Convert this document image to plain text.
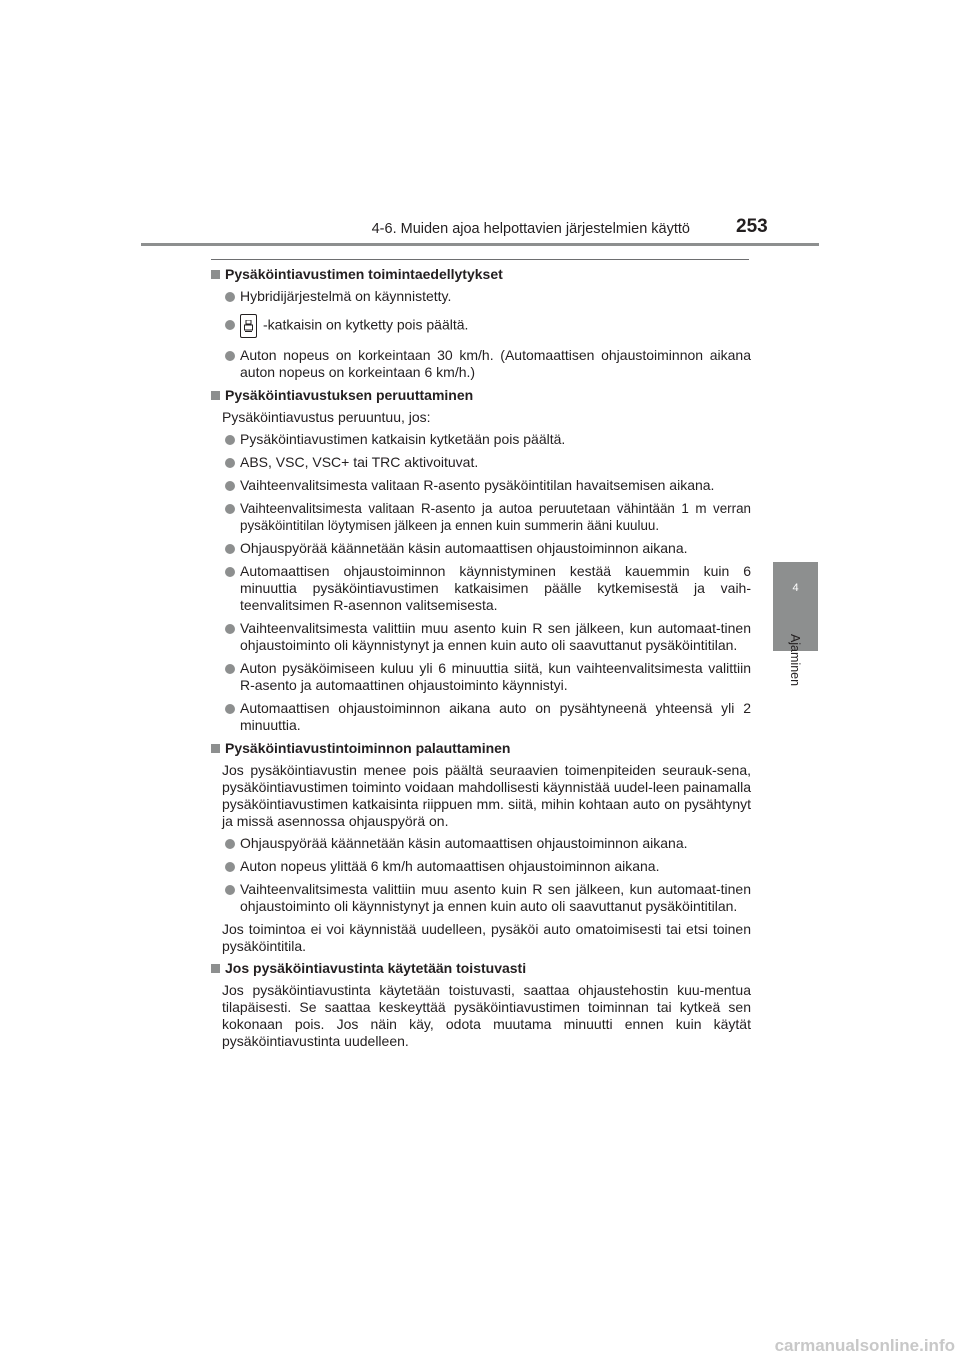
4-6. Muiden ajoa helpottavien järjestelmien käyttö 253
4
Ajaminen
Pysäköintiavustimen toimintaedellytykset
Hybridijärjestelmä on käynnistetty.
-katkaisin on kytketty pois päältä.
Auton nopeus on korkeintaan 30 km/h. (Automaattisen ohjaustoiminnon aikana auton nopeus on korkeintaan 6 km/h.)
Pysäköintiavustuksen peruuttaminen
Pysäköintiavustus peruuntuu, jos:
Pysäköintiavustimen katkaisin kytketään pois päältä.
ABS, VSC, VSC+ tai TRC aktivoituvat.
Vaihteenvalitsimesta valitaan R-asento pysäköintitilan havaitsemisen aikana.
Vaihteenvalitsimesta valitaan R-asento ja autoa peruutetaan vähintään 1 m verran pysäköintitilan löytymisen jälkeen ja ennen kuin summerin ääni kuuluu.
Ohjauspyörää käännetään käsin automaattisen ohjaustoiminnon aikana.
Automaattisen ohjaustoiminnon käynnistyminen kestää kauemmin kuin 6 minuuttia pysäköintiavustimen katkaisimen päälle kytkemisestä ja vaih-teenvalitsimen R-asennon valitsemisesta.
Vaihteenvalitsimesta valittiin muu asento kuin R sen jälkeen, kun automaat-tinen ohjaustoiminto oli käynnistynyt ja ennen kuin auto oli saavuttanut pysäköintitilan.
Auton pysäköimiseen kuluu yli 6 minuuttia siitä, kun vaihteenvalitsimesta valittiin R-asento ja automaattinen ohjaustoiminto käynnistyi.
Automaattisen ohjaustoiminnon aikana auto on pysähtyneenä yhteensä yli 2 minuuttia.
Pysäköintiavustintoiminnon palauttaminen
Jos pysäköintiavustin menee pois päältä seuraavien toimenpiteiden seurauk-sena, pysäköintiavustimen toiminto voidaan mahdollisesti käynnistää uudel-leen painamalla pysäköintiavustimen katkaisinta riippuen mm. siitä, mihin kohtaan auto on pysähtynyt ja missä asennossa ohjauspyörä on.
Ohjauspyörää käännetään käsin automaattisen ohjaustoiminnon aikana.
Auton nopeus ylittää 6 km/h automaattisen ohjaustoiminnon aikana.
Vaihteenvalitsimesta valittiin muu asento kuin R sen jälkeen, kun automaat-tinen ohjaustoiminto oli käynnistynyt ja ennen kuin auto oli saavuttanut pysäköintitilan.
Jos toimintoa ei voi käynnistää uudelleen, pysäköi auto omatoimisesti tai etsi toinen pysäköintitila.
Jos pysäköintiavustinta käytetään toistuvasti
Jos pysäköintiavustinta käytetään toistuvasti, saattaa ohjaustehostin kuu-mentua tilapäisesti. Se saattaa keskeyttää pysäköintiavustimen toiminnan tai kytkeä sen kokonaan pois. Jos näin käy, odota muutama minuutti ennen kuin käytät pysäköintiavustinta uudelleen.
carmanualsonline.info
